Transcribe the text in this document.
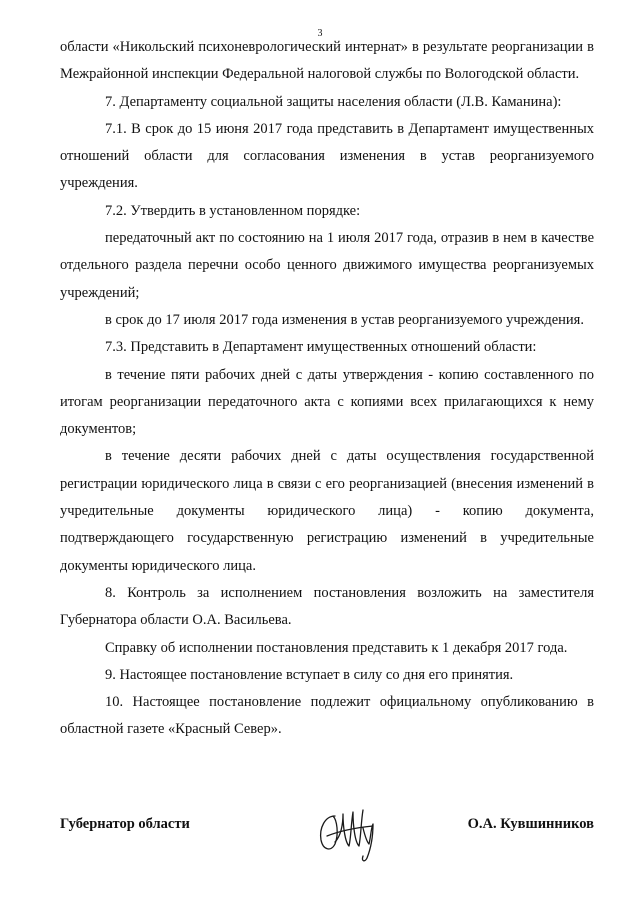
3

области «Никольский психоневрологический интернат» в результате реорганизации в Межрайонной инспекции Федеральной налоговой службы по Вологодской области.

7. Департаменту социальной защиты населения области (Л.В. Каманина):

7.1. В срок до 15 июня 2017 года представить в Департамент имущественных отношений области для согласования изменения в устав реорганизуемого учреждения.

7.2. Утвердить в установленном порядке:

передаточный акт по состоянию на 1 июля 2017 года, отразив в нем в качестве отдельного раздела перечни особо ценного движимого имущества реорганизуемых учреждений;

в срок до 17 июля 2017 года изменения в устав реорганизуемого учреждения.

7.3. Представить в Департамент имущественных отношений области:

в течение пяти рабочих дней с даты утверждения - копию составленного по итогам реорганизации передаточного акта с копиями всех прилагающихся к нему документов;

в течение десяти рабочих дней с даты осуществления государственной регистрации юридического лица в связи с его реорганизацией (внесения изменений в учредительные документы юридического лица) - копию документа, подтверждающего государственную регистрацию изменений в учредительные документы юридического лица.

8. Контроль за исполнением постановления возложить на заместителя Губернатора области О.А. Васильева.

Справку об исполнении постановления представить к 1 декабря 2017 года.

9. Настоящее постановление вступает в силу со дня его принятия.

10. Настоящее постановление подлежит официальному опубликованию в областной газете «Красный Север».

Губернатор области	О.А. Кувшинников
